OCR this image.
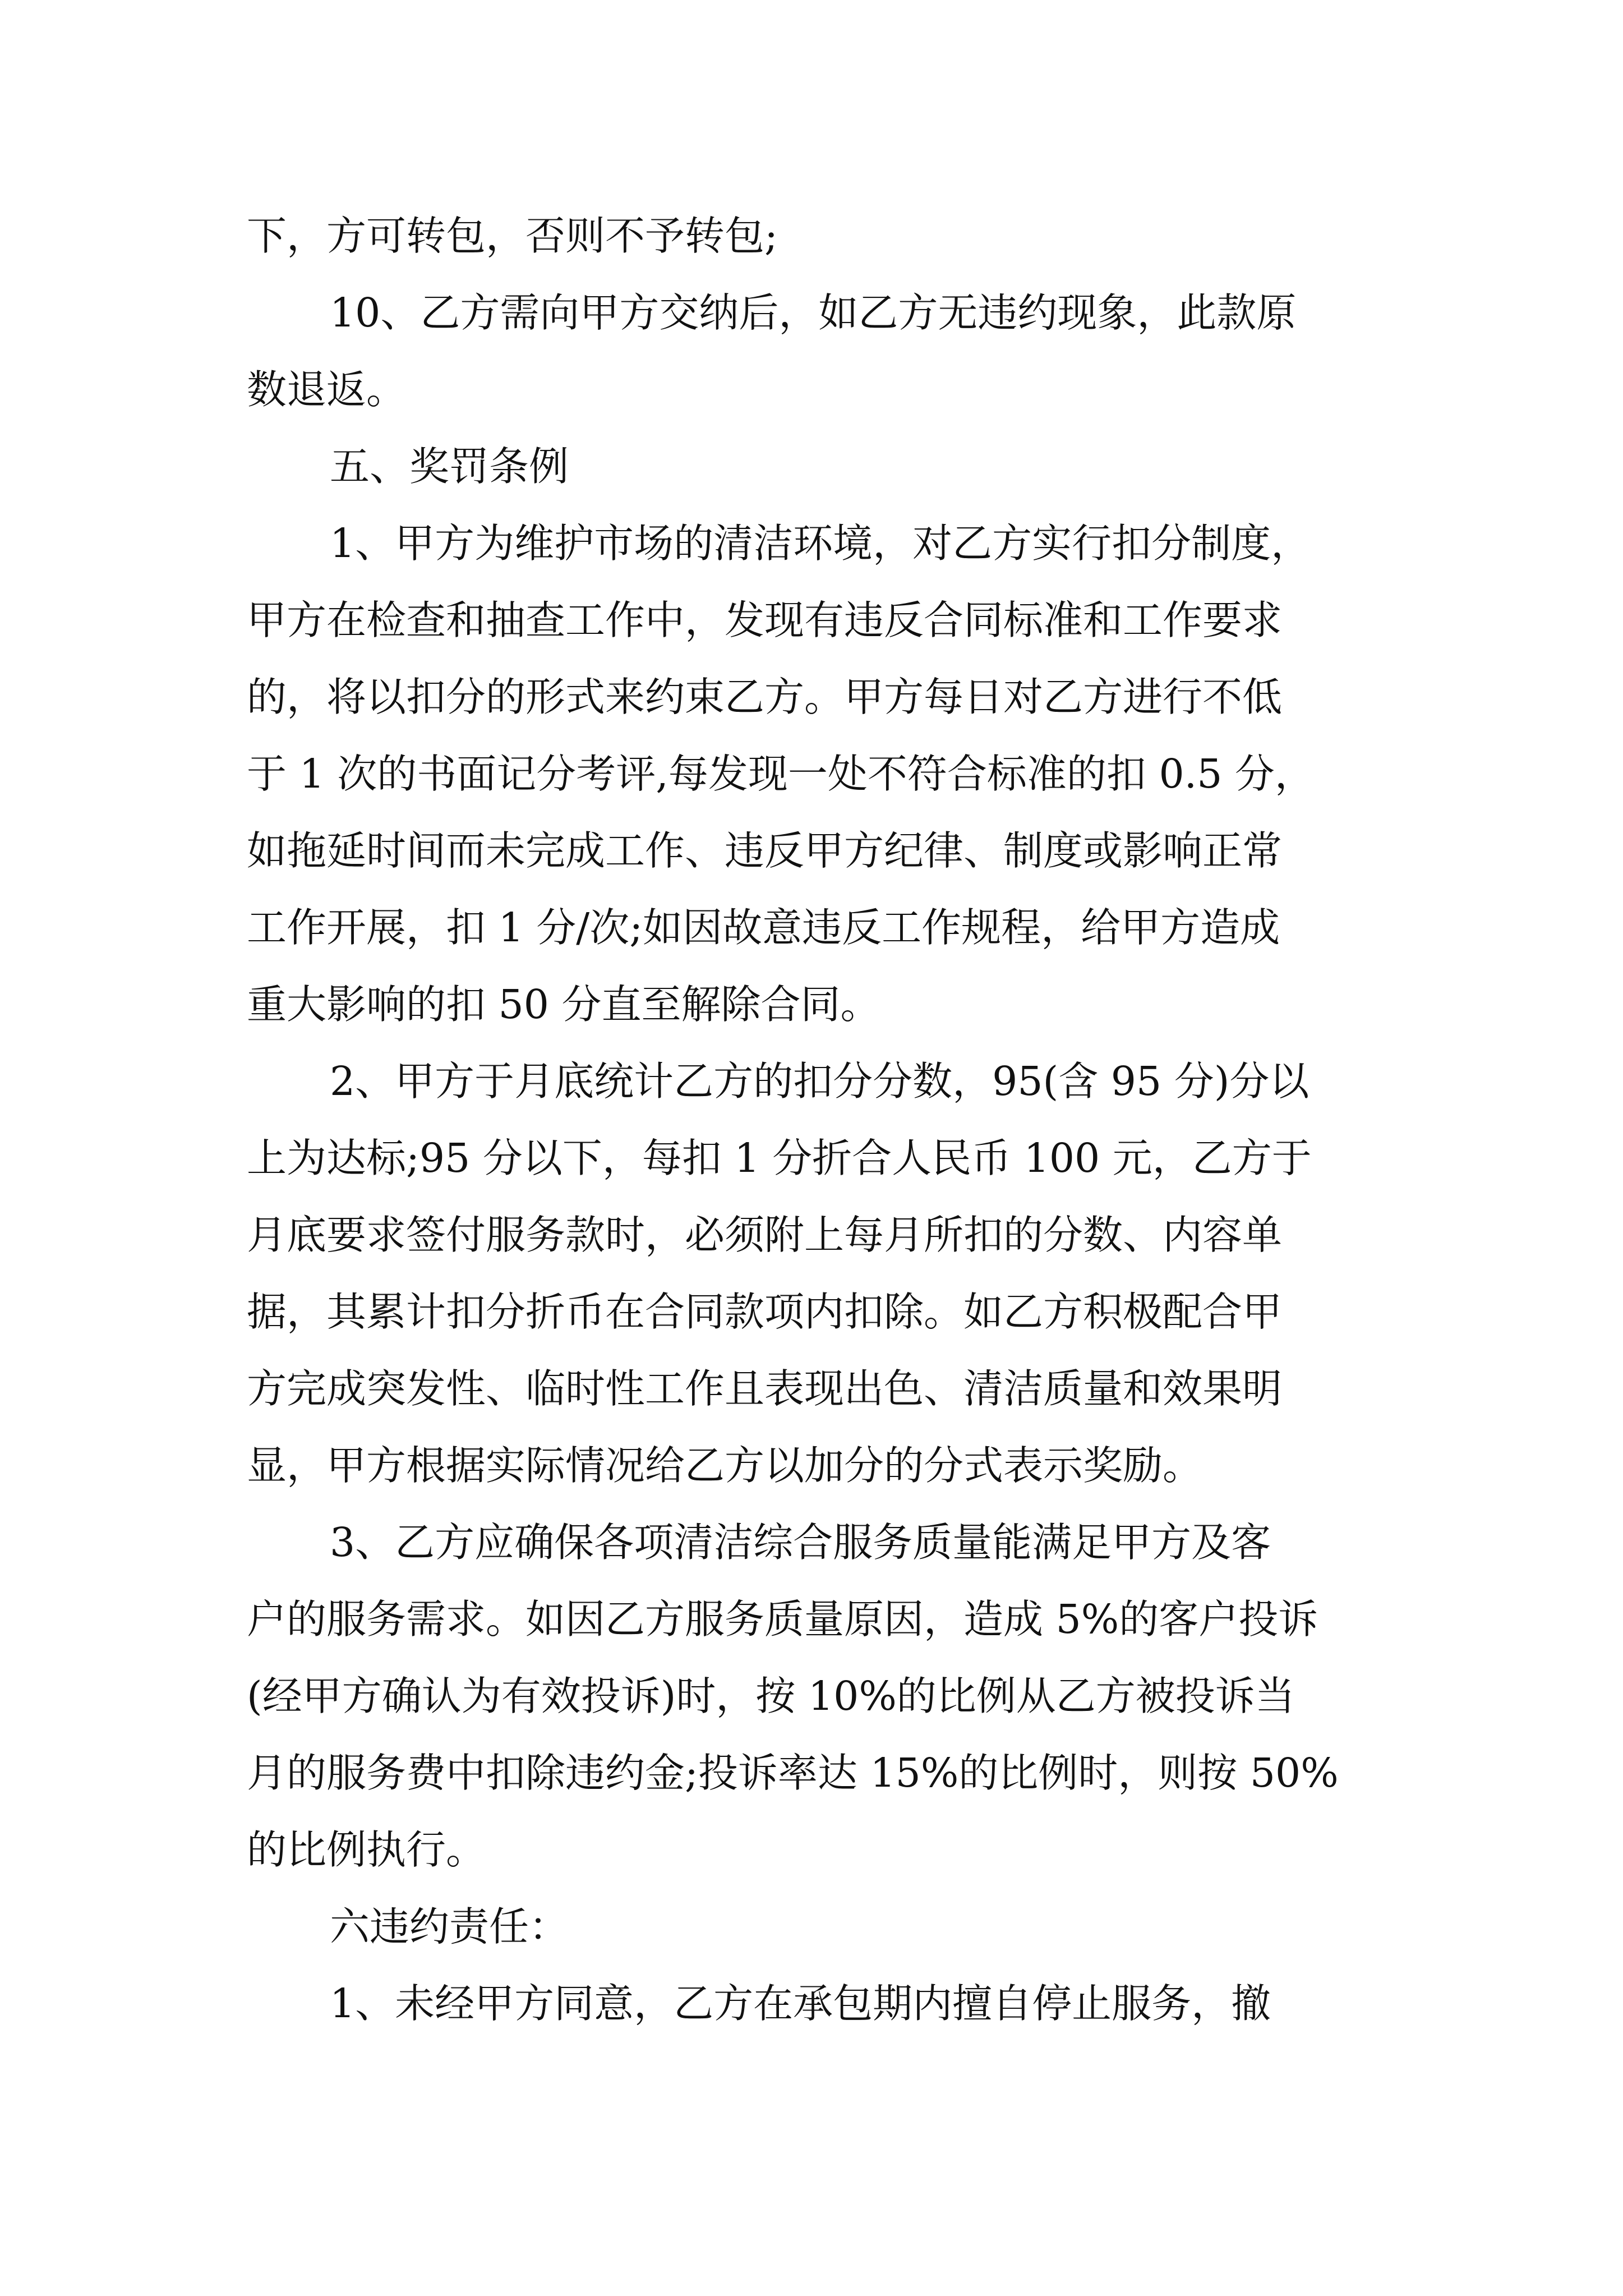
下，方可转包，否则不予转包;
10、乙方需向甲方交纳后，如乙方无违约现象，此款原
数退返。
五、奖罚条例
1、甲方为维护市场的清洁环境，对乙方实行扣分制度，
甲方在检查和抽查工作中，发现有违反合同标准和工作要求
的，将以扣分的形式来约束乙方。甲方每日对乙方进行不低
于 1 次的书面记分考评,每发现一处不符合标准的扣 0.5 分，
如拖延时间而未完成工作、违反甲方纪律、制度或影响正常
工作开展，扣 1 分/次;如因故意违反工作规程，给甲方造成
重大影响的扣 50 分直至解除合同。
2、甲方于月底统计乙方的扣分分数，95(含 95 分)分以
上为达标;95 分以下，每扣 1 分折合人民币 100 元，乙方于
月底要求签付服务款时，必须附上每月所扣的分数、内容单
据，其累计扣分折币在合同款项内扣除。如乙方积极配合甲
方完成突发性、临时性工作且表现出色、清洁质量和效果明
显，甲方根据实际情况给乙方以加分的分式表示奖励。
3、乙方应确保各项清洁综合服务质量能满足甲方及客
户的服务需求。如因乙方服务质量原因，造成 5%的客户投诉
(经甲方确认为有效投诉)时，按 10%的比例从乙方被投诉当
月的服务费中扣除违约金;投诉率达 15%的比例时，则按 50%
的比例执行。
六违约责任：
1、未经甲方同意，乙方在承包期内擅自停止服务，撤
